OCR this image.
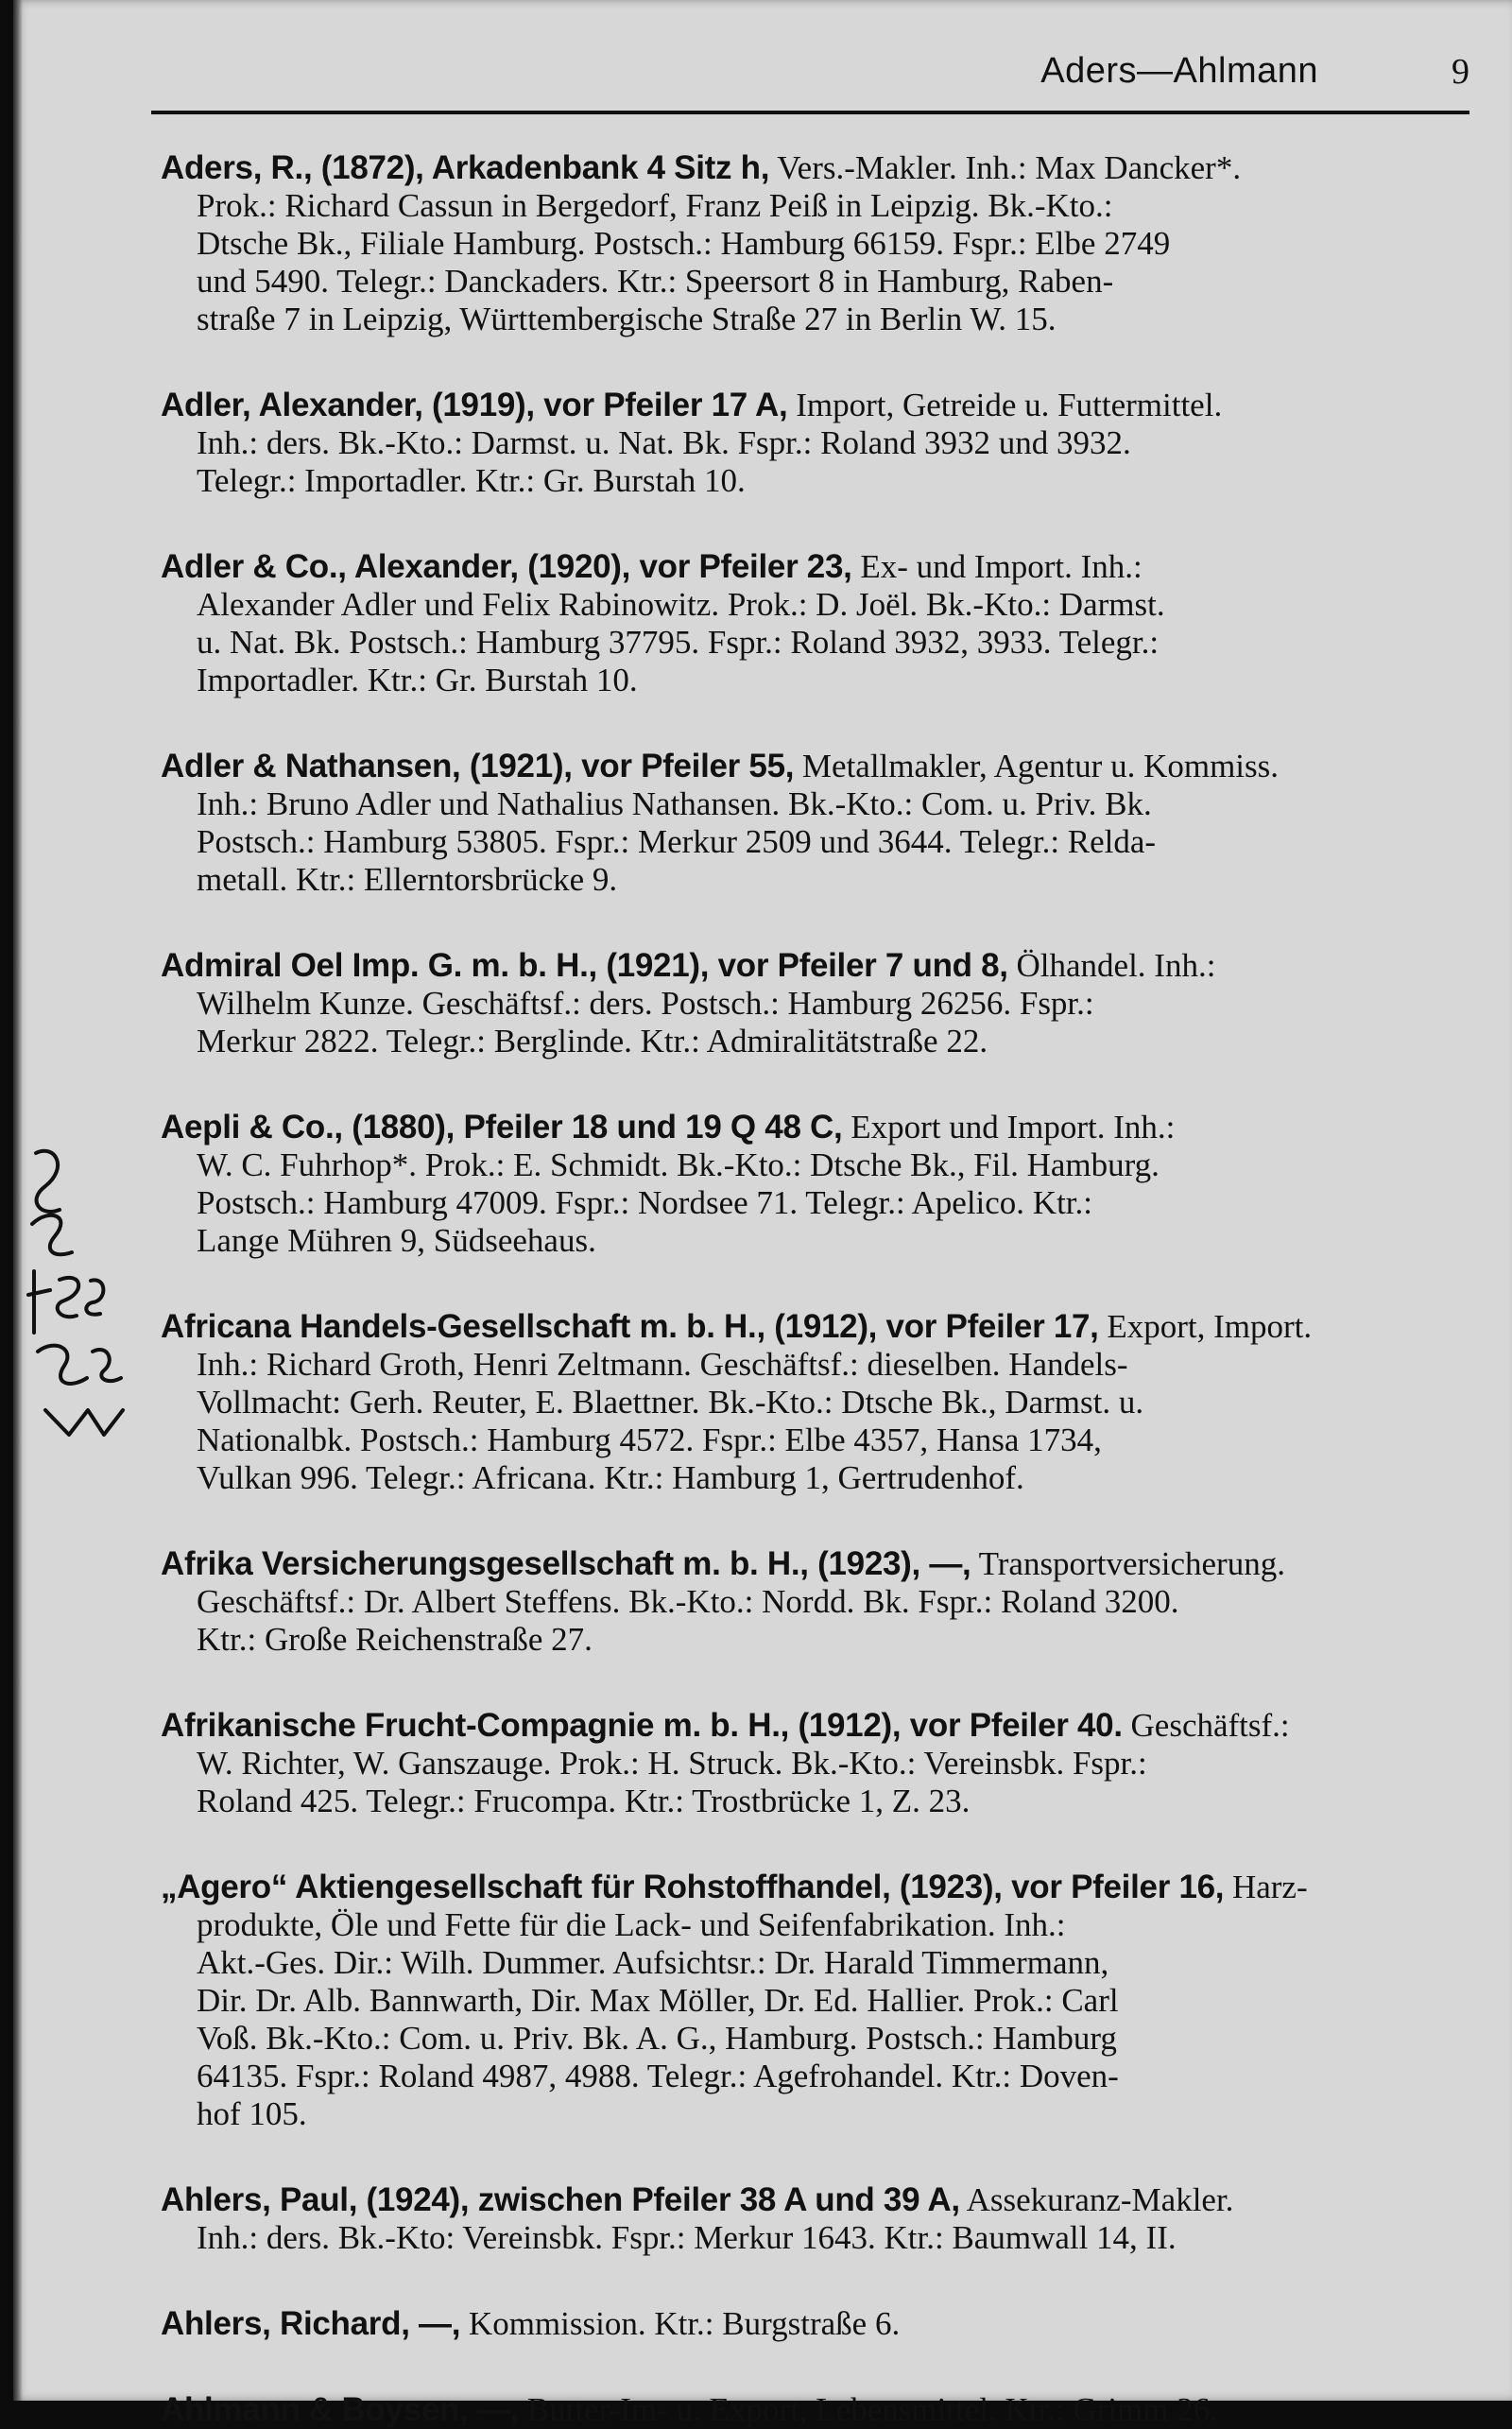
Aders—Ahlmann	9
Aders, R., (1872), Arkadenbank 4 Sitz h, Vers.-Makler. Inh.: Max Dancker*.
Prok.: Richard Cassun in Bergedorf, Franz Peiß in Leipzig. Bk.-Kto.:
Dtsche Bk., Filiale Hamburg. Postsch.: Hamburg 66159. Fspr.: Elbe 2749
und 5490. Telegr.: Danckaders. Ktr.: Speersort 8 in Hamburg, Raben-
straße 7 in Leipzig, Württembergische Straße 27 in Berlin W. 15.
Adler, Alexander, (1919), vor Pfeiler 17 A, Import, Getreide u. Futtermittel.
Inh.: ders. Bk.-Kto.: Darmst. u. Nat. Bk. Fspr.: Roland 3932 und 3932.
Telegr.: Importadler. Ktr.: Gr. Burstah 10.
Adler & Co., Alexander, (1920), vor Pfeiler 23, Ex- und Import. Inh.:
Alexander Adler und Felix Rabinowitz. Prok.: D. Joël. Bk.-Kto.: Darmst.
u. Nat. Bk. Postsch.: Hamburg 37795. Fspr.: Roland 3932, 3933. Telegr.:
Importadler. Ktr.: Gr. Burstah 10.
Adler & Nathansen, (1921), vor Pfeiler 55, Metallmakler, Agentur u. Kommiss.
Inh.: Bruno Adler und Nathalius Nathansen. Bk.-Kto.: Com. u. Priv. Bk.
Postsch.: Hamburg 53805. Fspr.: Merkur 2509 und 3644. Telegr.: Relda-
metall. Ktr.: Ellerntorsbrücke 9.
Admiral Oel Imp. G. m. b. H., (1921), vor Pfeiler 7 und 8, Ölhandel. Inh.:
Wilhelm Kunze. Geschäftsf.: ders. Postsch.: Hamburg 26256. Fspr.:
Merkur 2822. Telegr.: Berglinde. Ktr.: Admiralitätstraße 22.
Aepli & Co., (1880), Pfeiler 18 und 19 Q 48 C, Export und Import. Inh.:
W. C. Fuhrhop*. Prok.: E. Schmidt. Bk.-Kto.: Dtsche Bk., Fil. Hamburg.
Postsch.: Hamburg 47009. Fspr.: Nordsee 71. Telegr.: Apelico. Ktr.:
Lange Mühren 9, Südseehaus.
Africana Handels-Gesellschaft m. b. H., (1912), vor Pfeiler 17, Export, Import.
Inh.: Richard Groth, Henri Zeltmann. Geschäftsf.: dieselben. Handels-
Vollmacht: Gerh. Reuter, E. Blaettner. Bk.-Kto.: Dtsche Bk., Darmst. u.
Nationalbk. Postsch.: Hamburg 4572. Fspr.: Elbe 4357, Hansa 1734,
Vulkan 996. Telegr.: Africana. Ktr.: Hamburg 1, Gertrudenhof.
Afrika Versicherungsgesellschaft m. b. H., (1923), —, Transportversicherung.
Geschäftsf.: Dr. Albert Steffens. Bk.-Kto.: Nordd. Bk. Fspr.: Roland 3200.
Ktr.: Große Reichenstraße 27.
Afrikanische Frucht-Compagnie m. b. H., (1912), vor Pfeiler 40. Geschäftsf.:
W. Richter, W. Ganszauge. Prok.: H. Struck. Bk.-Kto.: Vereinsbk. Fspr.:
Roland 425. Telegr.: Frucompa. Ktr.: Trostbrücke 1, Z. 23.
„Agero“ Aktiengesellschaft für Rohstoffhandel, (1923), vor Pfeiler 16, Harz-
produkte, Öle und Fette für die Lack- und Seifenfabrikation. Inh.:
Akt.-Ges. Dir.: Wilh. Dummer. Aufsichtsr.: Dr. Harald Timmermann,
Dir. Dr. Alb. Bannwarth, Dir. Max Möller, Dr. Ed. Hallier. Prok.: Carl
Voß. Bk.-Kto.: Com. u. Priv. Bk. A. G., Hamburg. Postsch.: Hamburg
64135. Fspr.: Roland 4987, 4988. Telegr.: Agefrohandel. Ktr.: Doven-
hof 105.
Ahlers, Paul, (1924), zwischen Pfeiler 38 A und 39 A, Assekuranz-Makler.
Inh.: ders. Bk.-Kto: Vereinsbk. Fspr.: Merkur 1643. Ktr.: Baumwall 14, II.
Ahlers, Richard, —, Kommission. Ktr.: Burgstraße 6.
Ahlmann & Boysen, —, Butter-Im- u. Export, Lebensmittel. Ktr.: Grimm 26.
